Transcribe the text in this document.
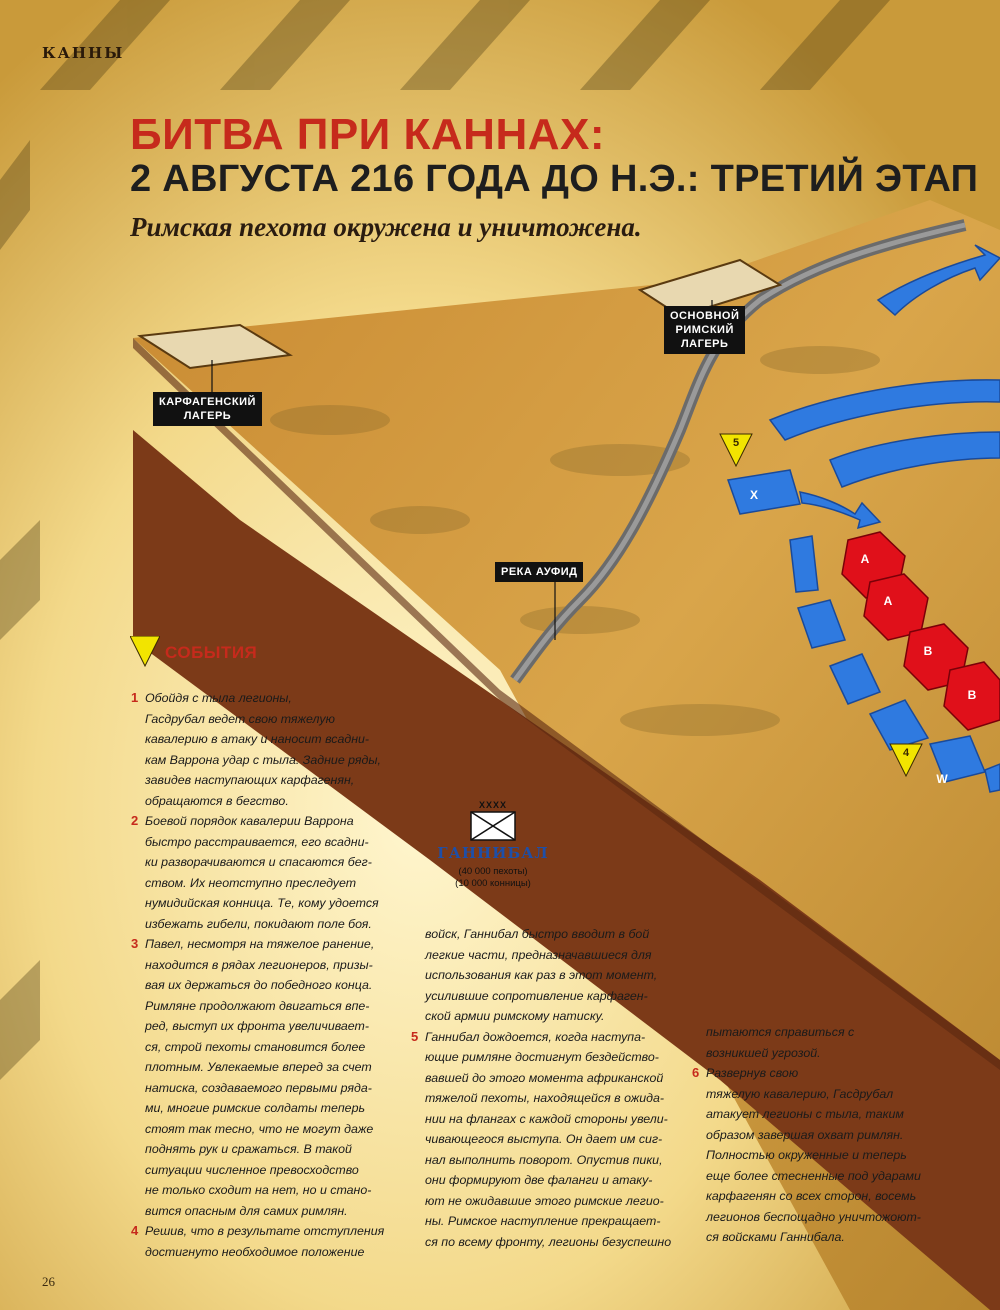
КАННЫ
БИТВА ПРИ КАННАХ:
2 АВГУСТА 216 ГОДА ДО Н.Э.: ТРЕТИЙ ЭТАП

Римская пехота окружена и уничтожена.

ОСНОВНОЙ
РИМСКИЙ
ЛАГЕРЬ
КАРФАГЕНСКИЙ
ЛАГЕРЬ
РЕКА АУФИД
X
A
A
B
B
W
5
4
XXXX
ГАННИБАЛ
(40 000 пехоты)
(10 000 конницы)
СОБЫТИЯ
1 Обойдя с тыла легионы,

Гасдрубал ведет свою тяжелую

кавалерию в атаку и наносит всадни-

кам Варрона удар с тыла. Задние ряды,

завидев наступающих карфагенян,

обращаются в бегство.

2 Боевой порядок кавалерии Варрона

быстро расстраивается, его всадни-

ки разворачиваются и спасаются бег-

ством. Их неотступно преследует

нумидийская конница. Те, кому удоется

избежать гибели, покидают поле боя.

3 Павел, несмотря на тяжелое ранение,

находится в рядах легионеров, призы-

вая их держаться до победного конца.

Римляне продолжают двигаться впе-

ред, выступ их фронта увеличивает-

ся, строй пехоты становится более

плотным. Увлекаемые вперед за счет

натиска, создаваемого первыми ряда-

ми, многие римские солдаты теперь

стоят так тесно, что не могут даже

поднять рук и сражаться. В такой

ситуации численное превосходство

не только сходит на нет, но и стано-

вится опасным для самих римлян.

4 Решив, что в результате отступления

достигнуто необходимое положение

войск, Ганнибал быстро вводит в бой

легкие части, предназначавшиеся для

использования как раз в этот момент,

усилившие сопротивление карфаген-

ской армии римскому натиску.

5 Ганнибал дождоется, когда наступа-

ющие римляне достигнут бездейство-

вавшей до этого момента африканской

тяжелой пехоты, находящейся в ожида-

нии на флангах с каждой стороны увели-

чивающегося выступа. Он дает им сиг-

нал выполнить поворот. Опустив пики,

они формируют две фаланги и атаку-

ют не ожидавшие этого римские легио-

ны. Римское наступление прекращает-

ся по всему фронту, легионы безуспешно

пытаются справиться с

возникшей угрозой.

6 Развернув свою

тяжелую кавалерию, Гасдрубал

атакует легионы с тыла, таким

образом завершая охват римлян.

Полностью окруженные и теперь

еще более стесненные под ударами

карфагенян со всех сторон, восемь

легионов беспощадно уничтожоют-

ся войсками Ганнибала.

26
